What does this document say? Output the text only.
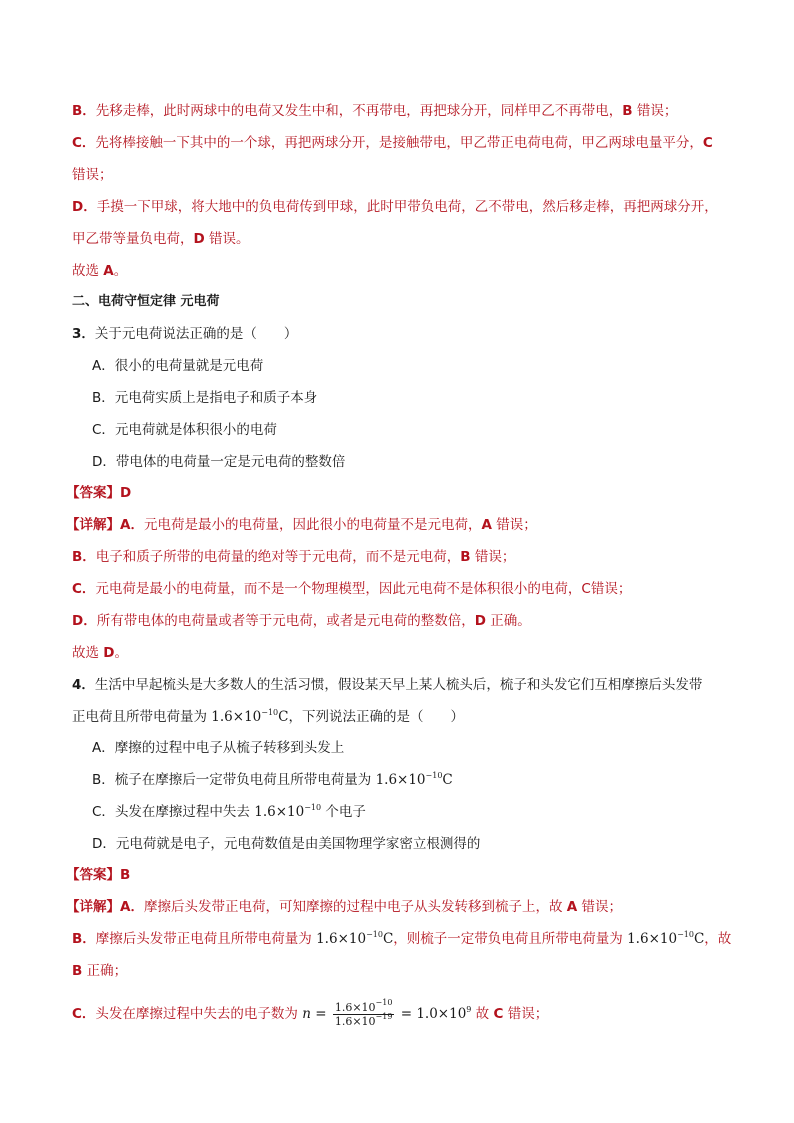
B．先移走棒，此时两球中的电荷又发生中和，不再带电，再把球分开，同样甲乙不再带电，B 错误；
C．先将棒接触一下其中的一个球，再把两球分开，是接触带电，甲乙带正电荷电荷，甲乙两球电量平分，C
错误；
D．手摸一下甲球，将大地中的负电荷传到甲球，此时甲带负电荷，乙不带电，然后移走棒，再把两球分开，
甲乙带等量负电荷，D 错误。
故选 A。
二、电荷守恒定律 元电荷
3．关于元电荷说法正确的是（　　）
A．很小的电荷量就是元电荷
B．元电荷实质上是指电子和质子本身
C．元电荷就是体积很小的电荷
D．带电体的电荷量一定是元电荷的整数倍
【答案】D
【详解】A．元电荷是最小的电荷量，因此很小的电荷量不是元电荷，A 错误；
B．电子和质子所带的电荷量的绝对等于元电荷，而不是元电荷，B 错误；
C．元电荷是最小的电荷量，而不是一个物理模型，因此元电荷不是体积很小的电荷，C错误；
D．所有带电体的电荷量或者等于元电荷，或者是元电荷的整数倍，D 正确。
故选 D。
4．生活中早起梳头是大多数人的生活习惯，假设某天早上某人梳头后，梳子和头发它们互相摩擦后头发带
正电荷且所带电荷量为 $1.6\times 10^{-10}C$，下列说法正确的是（　　）
A．摩擦的过程中电子从梳子转移到头发上
B．梳子在摩擦后一定带负电荷且所带电荷量为 $1.6\times 10^{-10}C$
C．头发在摩擦过程中失去 $1.6\times 10^{-10}$ 个电子
D．元电荷就是电子，元电荷数值是由美国物理学家密立根测得的
【答案】B
【详解】A．摩擦后头发带正电荷，可知摩擦的过程中电子从头发转移到梳子上，故 A 错误；
B．摩擦后头发带正电荷且所带电荷量为 $1.6\times 10^{-10}C$，则梳子一定带负电荷且所带电荷量为 $1.6\times 10^{-10}C$，故
B 正确；
C．头发在摩擦过程中失去的电子数为 $n = \frac{1.6\times 10^{-10}}{1.6\times 10^{-19}} = 1.0\times 10^9$ 故 C 错误；
